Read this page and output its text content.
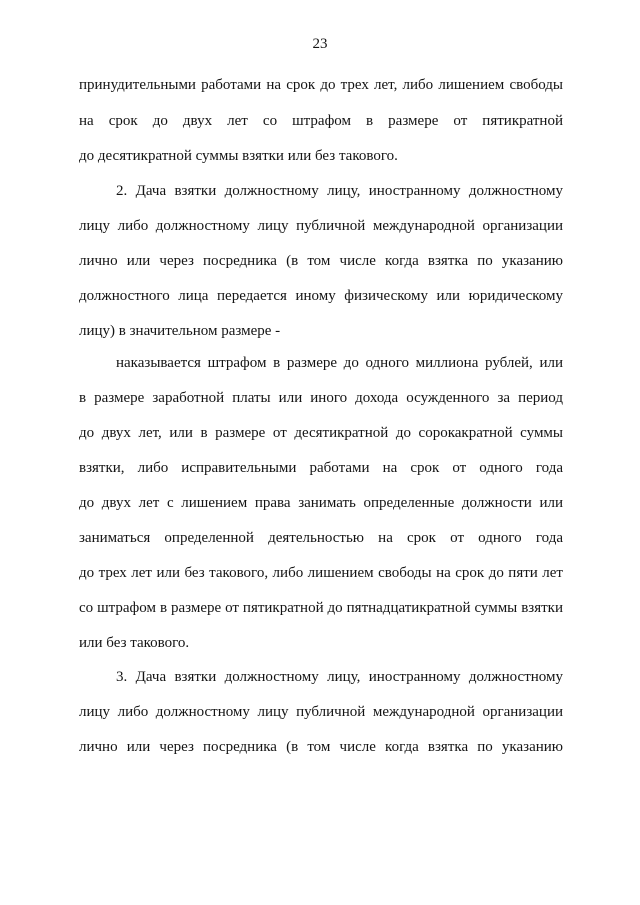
23
принудительными работами на срок до трех лет, либо лишением свободы
на срок до двух лет со штрафом в размере от пятикратной
до десятикратной суммы взятки или без такового.
2. Дача взятки должностному лицу, иностранному должностному
лицу либо должностному лицу публичной международной организации
лично или через посредника (в том числе когда взятка по указанию
должностного лица передается иному физическому или юридическому
лицу) в значительном размере -
наказывается штрафом в размере до одного миллиона рублей, или
в размере заработной платы или иного дохода осужденного за период
до двух лет, или в размере от десятикратной до сорокакратной суммы
взятки, либо исправительными работами на срок от одного года
до двух лет с лишением права занимать определенные должности или
заниматься определенной деятельностью на срок от одного года
до трех лет или без такового, либо лишением свободы на срок до пяти лет
со штрафом в размере от пятикратной до пятнадцатикратной суммы взятки
или без такового.
3. Дача взятки должностному лицу, иностранному должностному
лицу либо должностному лицу публичной международной организации
лично или через посредника (в том числе когда взятка по указанию
